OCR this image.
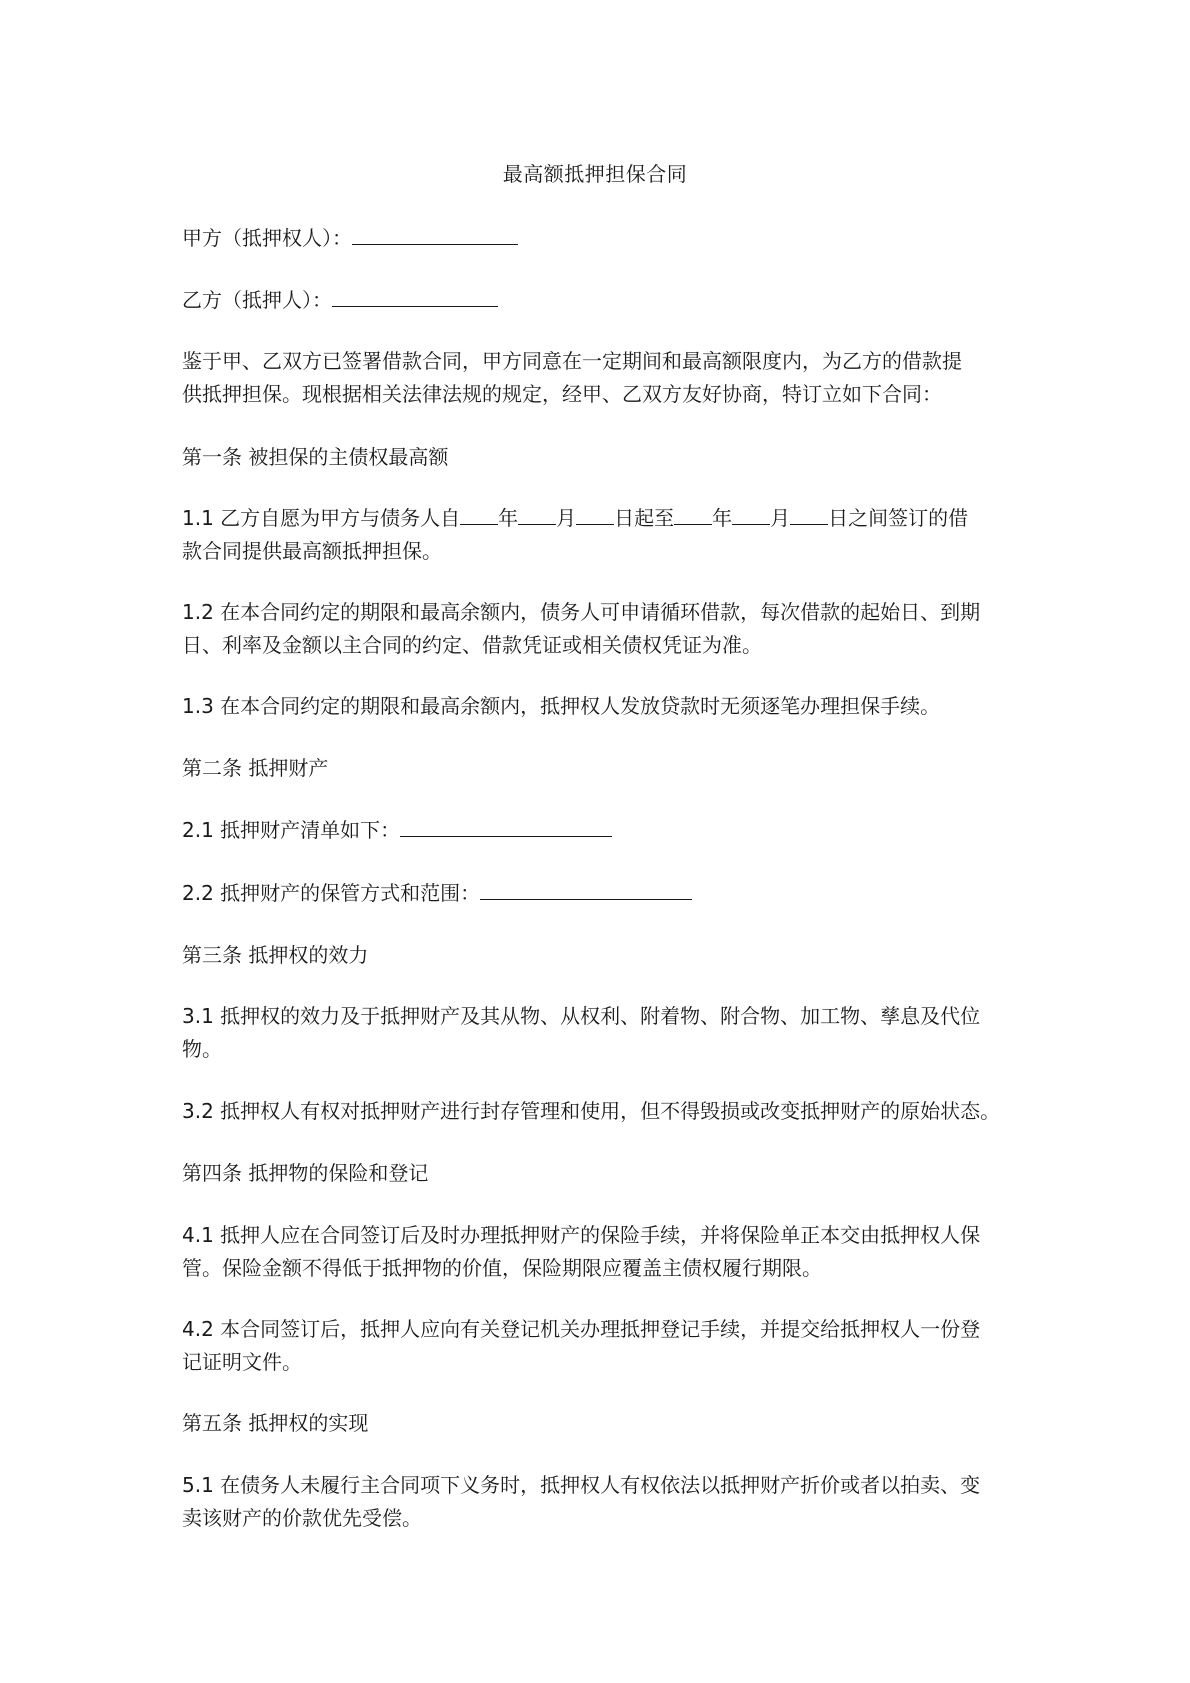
最高额抵押担保合同

甲方（抵押权人）：

乙方（抵押人）：

鉴于甲、乙双方已签署借款合同，甲方同意在一定期间和最高额限度内，为乙方的借款提
供抵押担保。现根据相关法律法规的规定，经甲、乙双方友好协商，特订立如下合同：

第一条 被担保的主债权最高额

1.1 乙方自愿为甲方与债务人自 年 月 日起至 年 月 日之间签订的借
款合同提供最高额抵押担保。

1.2 在本合同约定的期限和最高余额内，债务人可申请循环借款，每次借款的起始日、到期
日、利率及金额以主合同的约定、借款凭证或相关债权凭证为准。

1.3 在本合同约定的期限和最高余额内，抵押权人发放贷款时无须逐笔办理担保手续。

第二条 抵押财产

2.1 抵押财产清单如下：

2.2 抵押财产的保管方式和范围：

第三条 抵押权的效力

3.1 抵押权的效力及于抵押财产及其从物、从权利、附着物、附合物、加工物、孳息及代位
物。

3.2 抵押权人有权对抵押财产进行封存管理和使用，但不得毁损或改变抵押财产的原始状态。

第四条 抵押物的保险和登记

4.1 抵押人应在合同签订后及时办理抵押财产的保险手续，并将保险单正本交由抵押权人保
管。保险金额不得低于抵押物的价值，保险期限应覆盖主债权履行期限。

4.2 本合同签订后，抵押人应向有关登记机关办理抵押登记手续，并提交给抵押权人一份登
记证明文件。

第五条 抵押权的实现

5.1 在债务人未履行主合同项下义务时，抵押权人有权依法以抵押财产折价或者以拍卖、变
卖该财产的价款优先受偿。
